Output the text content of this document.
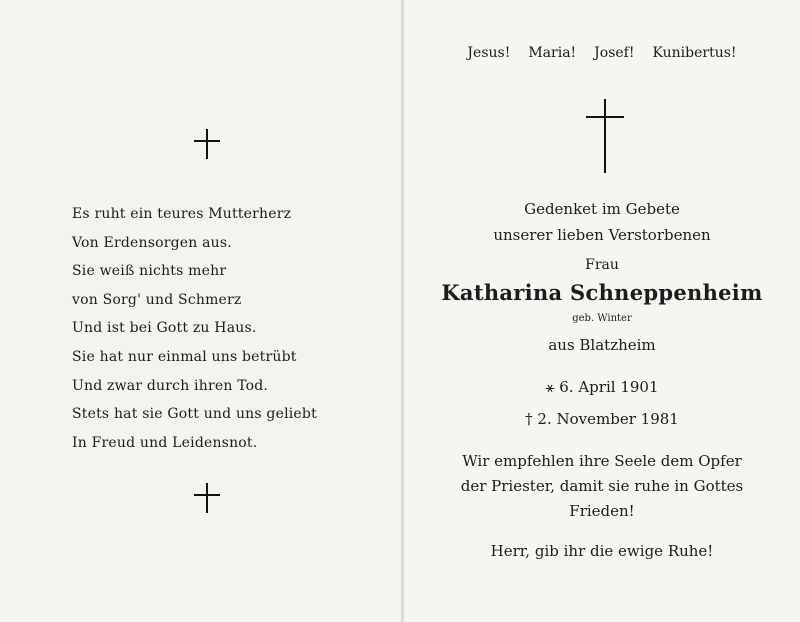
Es ruht ein teures Mutterherz
Von Erdensorgen aus.
Sie weiß nichts mehr
von Sorg' und Schmerz
Und ist bei Gott zu Haus.
Sie hat nur einmal uns betrübt
Und zwar durch ihren Tod.
Stets hat sie Gott und uns geliebt
In Freud und Leidensnot.
Jesus! Maria! Josef! Kunibertus!
Gedenket im Gebete
unserer lieben Verstorbenen
Frau
Katharina Schneppenheim
geb. Winter
aus Blatzheim
⚹ 6. April 1901
† 2. November 1981
Wir empfehlen ihre Seele dem Opfer
der Priester, damit sie ruhe in Gottes
Frieden!
Herr, gib ihr die ewige Ruhe!
